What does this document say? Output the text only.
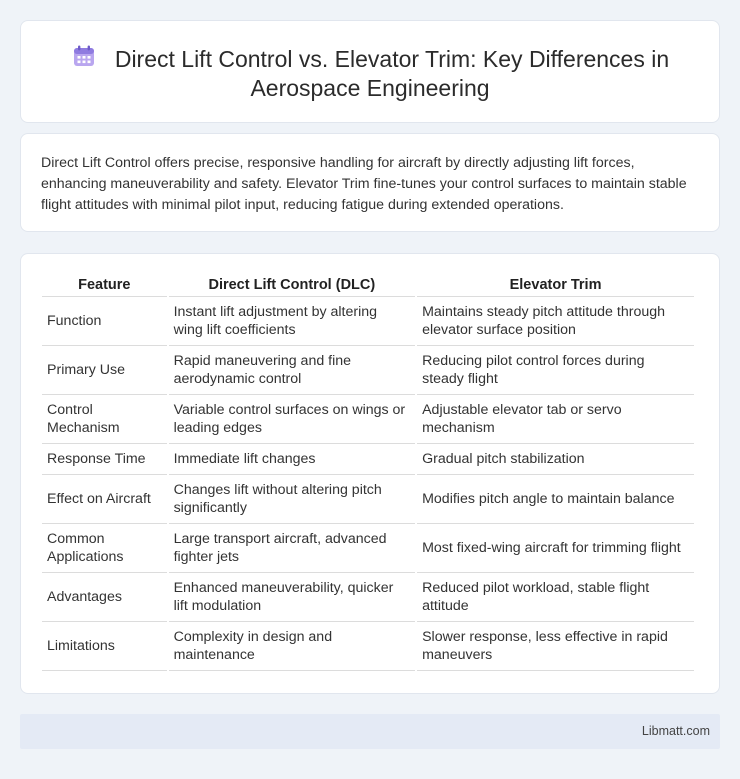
Direct Lift Control vs. Elevator Trim: Key Differences in Aerospace Engineering

Direct Lift Control offers precise, responsive handling for aircraft by directly adjusting lift forces, enhancing maneuverability and safety. Elevator Trim fine-tunes your control surfaces to maintain stable flight attitudes with minimal pilot input, reducing fatigue during extended operations.

Feature	Direct Lift Control (DLC)	Elevator Trim
Function	Instant lift adjustment by altering wing lift coefficients	Maintains steady pitch attitude through elevator surface position
Primary Use	Rapid maneuvering and fine aerodynamic control	Reducing pilot control forces during steady flight
Control Mechanism	Variable control surfaces on wings or leading edges	Adjustable elevator tab or servo mechanism
Response Time	Immediate lift changes	Gradual pitch stabilization
Effect on Aircraft	Changes lift without altering pitch significantly	Modifies pitch angle to maintain balance
Common Applications	Large transport aircraft, advanced fighter jets	Most fixed-wing aircraft for trimming flight
Advantages	Enhanced maneuverability, quicker lift modulation	Reduced pilot workload, stable flight attitude
Limitations	Complexity in design and maintenance	Slower response, less effective in rapid maneuvers
Libmatt.com
